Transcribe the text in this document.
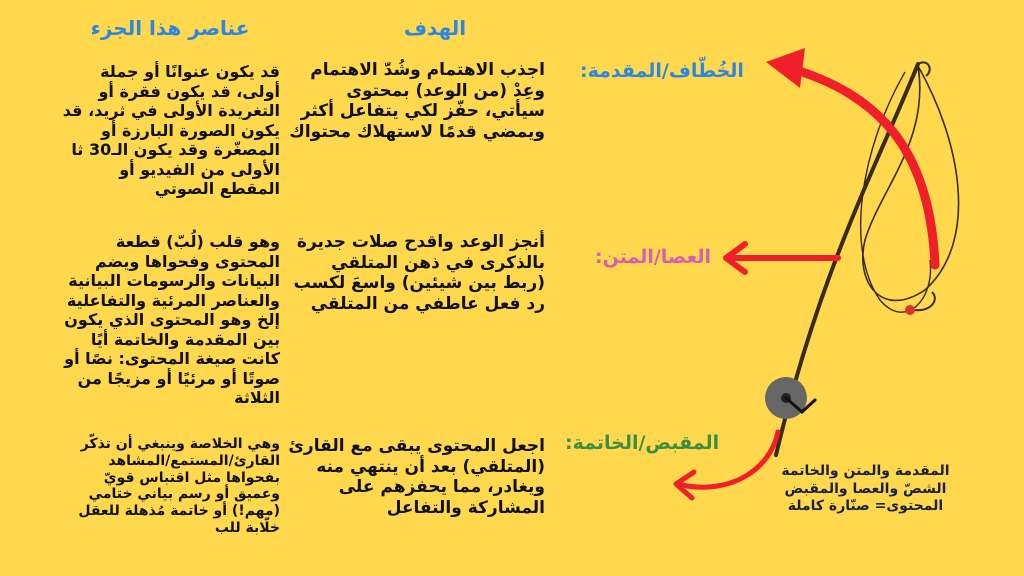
الهدف
عناصر هذا الجزء
الخُطّاف/المقدمة:
العصا/المتن:
المقبض/الخاتمة:

اجذب الاهتمام وشُدّ الاهتمام وعِدْ (من الوعد) بمحتوى سيأتي، حفّز لكي يتفاعل أكثر ويمضي قدمًا لاستهلاك محتواك

أنجز الوعد واقدح صلات جديرة بالذكرى في ذهن المتلقي (ربط بين شيئين) واسعَ لكسب رد فعل عاطفي من المتلقي

اجعل المحتوى يبقى مع القارئ (المتلقي) بعد أن ينتهي منه ويغادر، مما يحفزهم على المشاركة والتفاعل

قد يكون عنوانًا أو جملة أولى، قد يكون فقرة أو التغريدة الأولى في ثريد، قد يكون الصورة البارزة أو المصغّرة وقد يكون الـ30 ثا الأولى من الفيديو أو المقطع الصوتي

وهو قلب (لُبّ) قطعة المحتوى وفحواها ويضم البيانات والرسومات البيانية والعناصر المرئية والتفاعلية إلخ وهو المحتوى الذي يكون بين المقدمة والخاتمة أيًا كانت صيغة المحتوى: نصًا أو صوتًا أو مرئيًا أو مزيجًا من الثلاثة

وهي الخلاصة وينبغي أن تذكّر القارئ/المستمع/المشاهد بفحواها مثل اقتباس قويّ وعميق أو رسم بياني ختامي (مهم!) أو خاتمة مُذهلة للعقل خلّابة للب

المقدمة والمتن والخاتمة الشصّ والعصا والمقبض المحتوى= صنّارة كاملة
